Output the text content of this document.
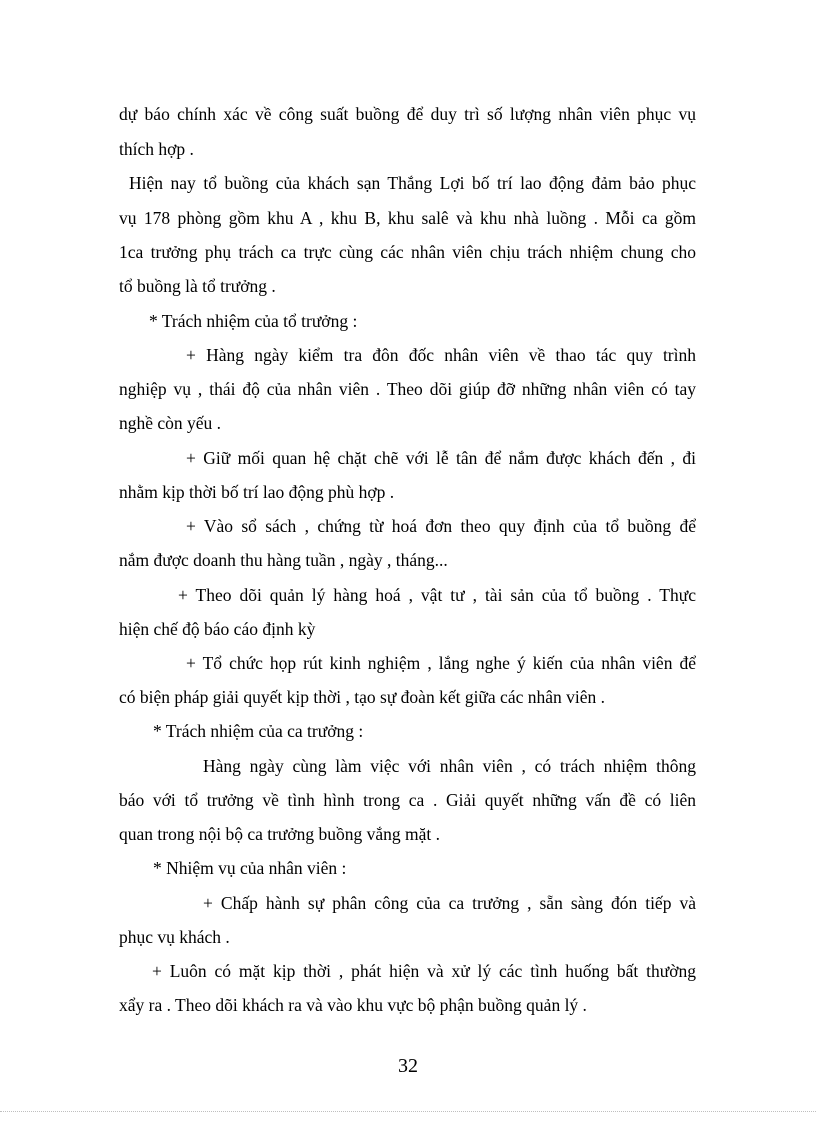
dự báo chính xác về công suất buồng để duy trì số lượng nhân viên phục vụ
thích hợp .
Hiện nay tổ buồng của khách sạn Thắng Lợi bố trí lao động đảm bảo phục
vụ 178 phòng gồm khu A , khu B, khu salê và khu nhà luồng . Mỗi ca gồm
1ca trưởng phụ trách ca trực cùng các nhân viên chịu trách nhiệm chung cho
tổ buồng là tổ trưởng .
* Trách nhiệm của tổ trưởng :
+ Hàng ngày kiểm tra đôn đốc nhân viên về thao tác quy trình
nghiệp vụ , thái độ của nhân viên . Theo dõi giúp đỡ những nhân viên có tay
nghề còn yếu .
+ Giữ mối quan hệ chặt chẽ với lễ tân để nắm được khách đến , đi
nhằm kịp thời bố trí lao động phù hợp .
+ Vào sổ sách , chứng từ hoá đơn theo quy định của tổ buồng để
nắm được doanh thu hàng tuần , ngày , tháng...
+ Theo dõi quản lý hàng hoá , vật tư , tài sản của tổ buồng . Thực
hiện chế độ báo cáo định kỳ
+ Tổ chức họp rút kinh nghiệm , lắng nghe ý kiến của nhân viên để
có biện pháp giải quyết kịp thời , tạo sự đoàn kết giữa các nhân viên .
* Trách nhiệm của ca trưởng :
Hàng ngày cùng làm việc với nhân viên , có trách nhiệm thông
báo với tổ trưởng về tình hình trong ca . Giải quyết những vấn đề có liên
quan trong nội bộ ca trưởng buồng vắng mặt .
* Nhiệm vụ của nhân viên :
+ Chấp hành sự phân công của ca trưởng , sẵn sàng đón tiếp và
phục vụ khách .
+ Luôn có mặt kịp thời , phát hiện và xử lý các tình huống bất thường
xẩy ra . Theo dõi khách ra và vào khu vực bộ phận buồng quản lý .
32
